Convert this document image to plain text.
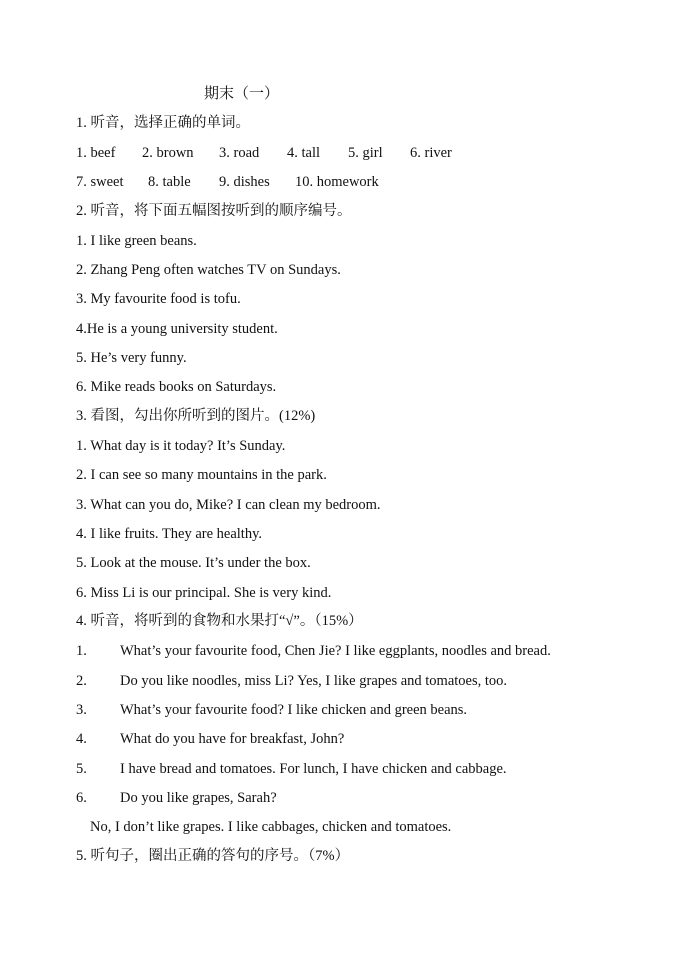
期末（一）
1. 听音，选择正确的单词。
1. beef 2. brown 3. road 4. tall 5. girl 6. river
7. sweet 8. table 9. dishes 10. homework
2. 听音，将下面五幅图按听到的顺序编号。
1. I like green beans.
2. Zhang Peng often watches TV on Sundays.
3. My favourite food is tofu.
4.He is a young university student.
5. He’s very funny.
6. Mike reads books on Saturdays.
3. 看图，勾出你所听到的图片。(12%)
1. What day is it today? It’s Sunday.
2. I can see so many mountains in the park.
3. What can you do, Mike? I can clean my bedroom.
4. I like fruits. They are healthy.
5. Look at the mouse. It’s under the box.
6. Miss Li is our principal. She is very kind.
4. 听音，将听到的食物和水果打“√”。（15%）
1. What’s your favourite food, Chen Jie? I like eggplants, noodles and bread.
2. Do you like noodles, miss Li? Yes, I like grapes and tomatoes, too.
3. What’s your favourite food? I like chicken and green beans.
4. What do you have for breakfast, John?
5. I have bread and tomatoes. For lunch, I have chicken and cabbage.
6. Do you like grapes, Sarah?
No, I don’t like grapes. I like cabbages, chicken and tomatoes.
5. 听句子，圈出正确的答句的序号。（7%）
